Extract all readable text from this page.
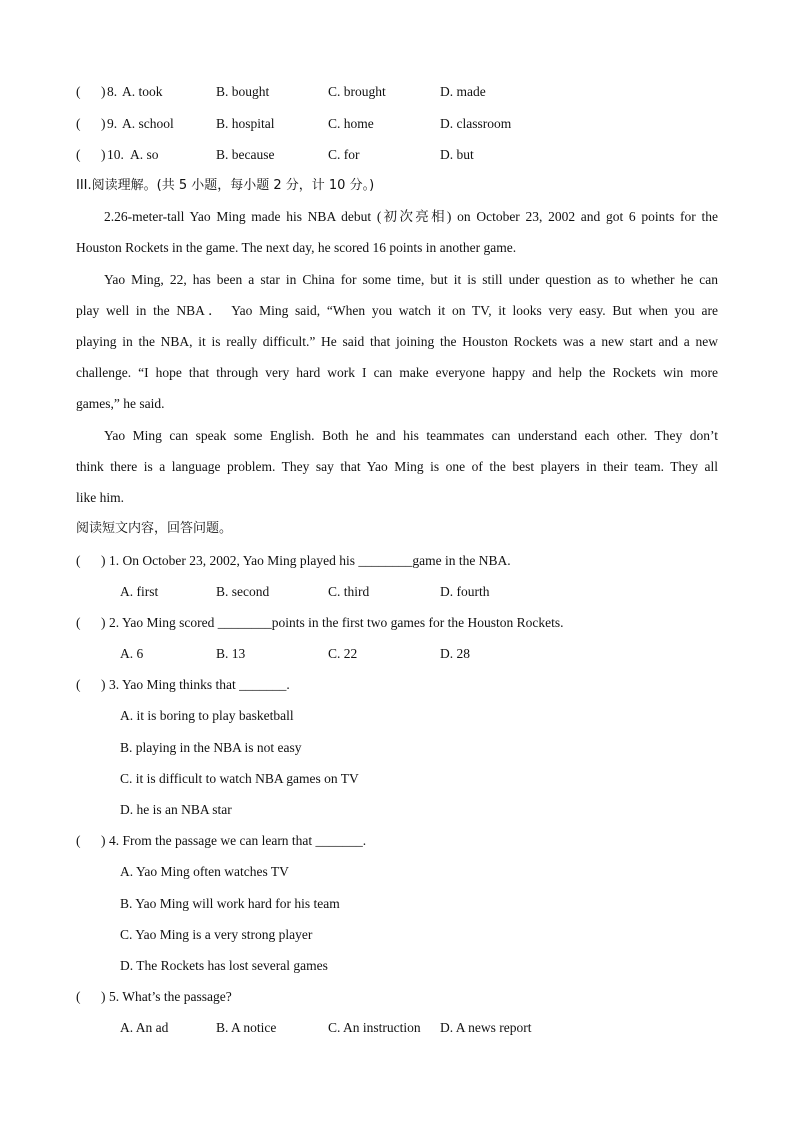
( ) 8. A. took	B. bought	C. brought	D. made
( ) 9. A. school	B. hospital	C. home	D. classroom
( ) 10. A. so	B. because	C. for	D. but
III.阅读理解。(共 5 小题，每小题 2 分，计 10 分。)
2.26-meter-tall Yao Ming made his NBA debut (初次亮相) on October 23, 2002 and got 6 points for the
Houston Rockets in the game. The next day, he scored 16 points in another game.
Yao Ming, 22, has been a star in China for some time, but it is still under question as to whether he can
play well in the NBA． Yao Ming said, “When you watch it on TV, it looks very easy. But when you are
playing in the NBA, it is really difficult.” He said that joining the Houston Rockets was a new start and a new
challenge. “I hope that through very hard work I can make everyone happy and help the Rockets win more
games,” he said.
Yao Ming can speak some English. Both he and his teammates can understand each other. They don’t
think there is a language problem. They say that Yao Ming is one of the best players in their team. They all
like him.
阅读短文内容，回答问题。
( ) 1. On October 23, 2002, Yao Ming played his ________game in the NBA.
A. first	B. second	C. third	D. fourth
( ) 2. Yao Ming scored ________points in the first two games for the Houston Rockets.
A. 6	B. 13	C. 22	D. 28
( ) 3. Yao Ming thinks that _______.
A. it is boring to play basketball
B. playing in the NBA is not easy
C. it is difficult to watch NBA games on TV
D. he is an NBA star
( ) 4. From the passage we can learn that _______.
A. Yao Ming often watches TV
B. Yao Ming will work hard for his team
C. Yao Ming is a very strong player
D. The Rockets has lost several games
( ) 5. What’s the passage?
A. An ad	B. A notice	C. An instruction D. A news report
